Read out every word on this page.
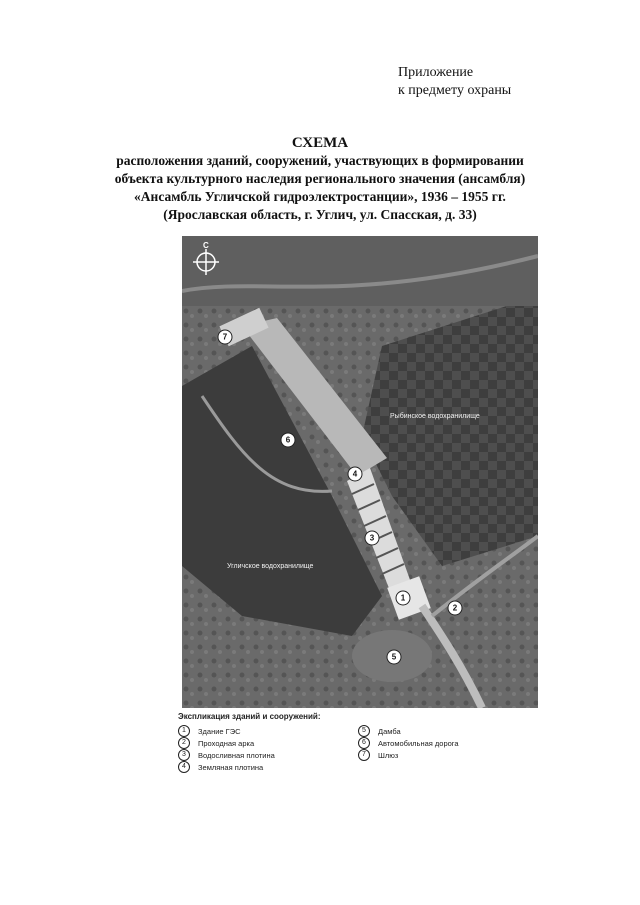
Приложение
к предмету охраны
СХЕМА
расположения зданий, сооружений, участвующих в формировании
объекта культурного наследия регионального значения (ансамбля)
«Ансамбль Угличской гидроэлектростанции», 1936 – 1955 гг.
(Ярославская область, г. Углич, ул. Спасская, д. 33)
С
Рыбинское водохранилище
Угличское водохранилище
1
2
3
4
5
6
7
Экспликация зданий и сооружений:
1	Здание ГЭС
2	Проходная арка
3	Водосливная плотина
4	Земляная плотина
5	Дамба
6	Автомобильная дорога
7	Шлюз
